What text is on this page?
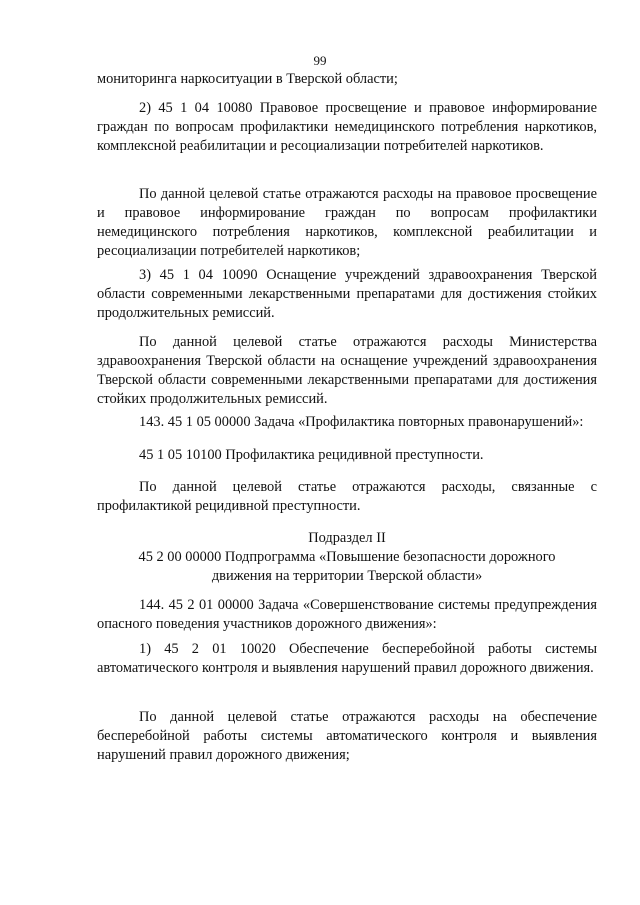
99

мониторинга наркоситуации в Тверской области;

2) 45 1 04 10080 Правовое просвещение и правовое информирование граждан по вопросам профилактики немедицинского потребления наркотиков, комплексной реабилитации и ресоциализации потребителей наркотиков.

По данной целевой статье отражаются расходы на правовое просвещение и правовое информирование граждан по вопросам профилактики немедицинского потребления наркотиков, комплексной реабилитации и ресоциализации потребителей наркотиков;

3) 45 1 04 10090 Оснащение учреждений здравоохранения Тверской области современными лекарственными препаратами для достижения стойких продолжительных ремиссий.

По данной целевой статье отражаются расходы Министерства здравоохранения Тверской области на оснащение учреждений здравоохранения Тверской области современными лекарственными препаратами для достижения стойких продолжительных ремиссий.

143. 45 1 05 00000 Задача «Профилактика повторных правонарушений»:

45 1 05 10100 Профилактика рецидивной преступности.

По данной целевой статье отражаются расходы, связанные с профилактикой рецидивной преступности.

Подраздел II

45 2 00 00000 Подпрограмма «Повышение безопасности дорожного

движения на территории Тверской области»

144. 45 2 01 00000 Задача «Совершенствование системы предупреждения опасного поведения участников дорожного движения»:

1) 45 2 01 10020 Обеспечение бесперебойной работы системы автоматического контроля и выявления нарушений правил дорожного движения.

По данной целевой статье отражаются расходы на обеспечение бесперебойной работы системы автоматического контроля и выявления нарушений правил дорожного движения;
